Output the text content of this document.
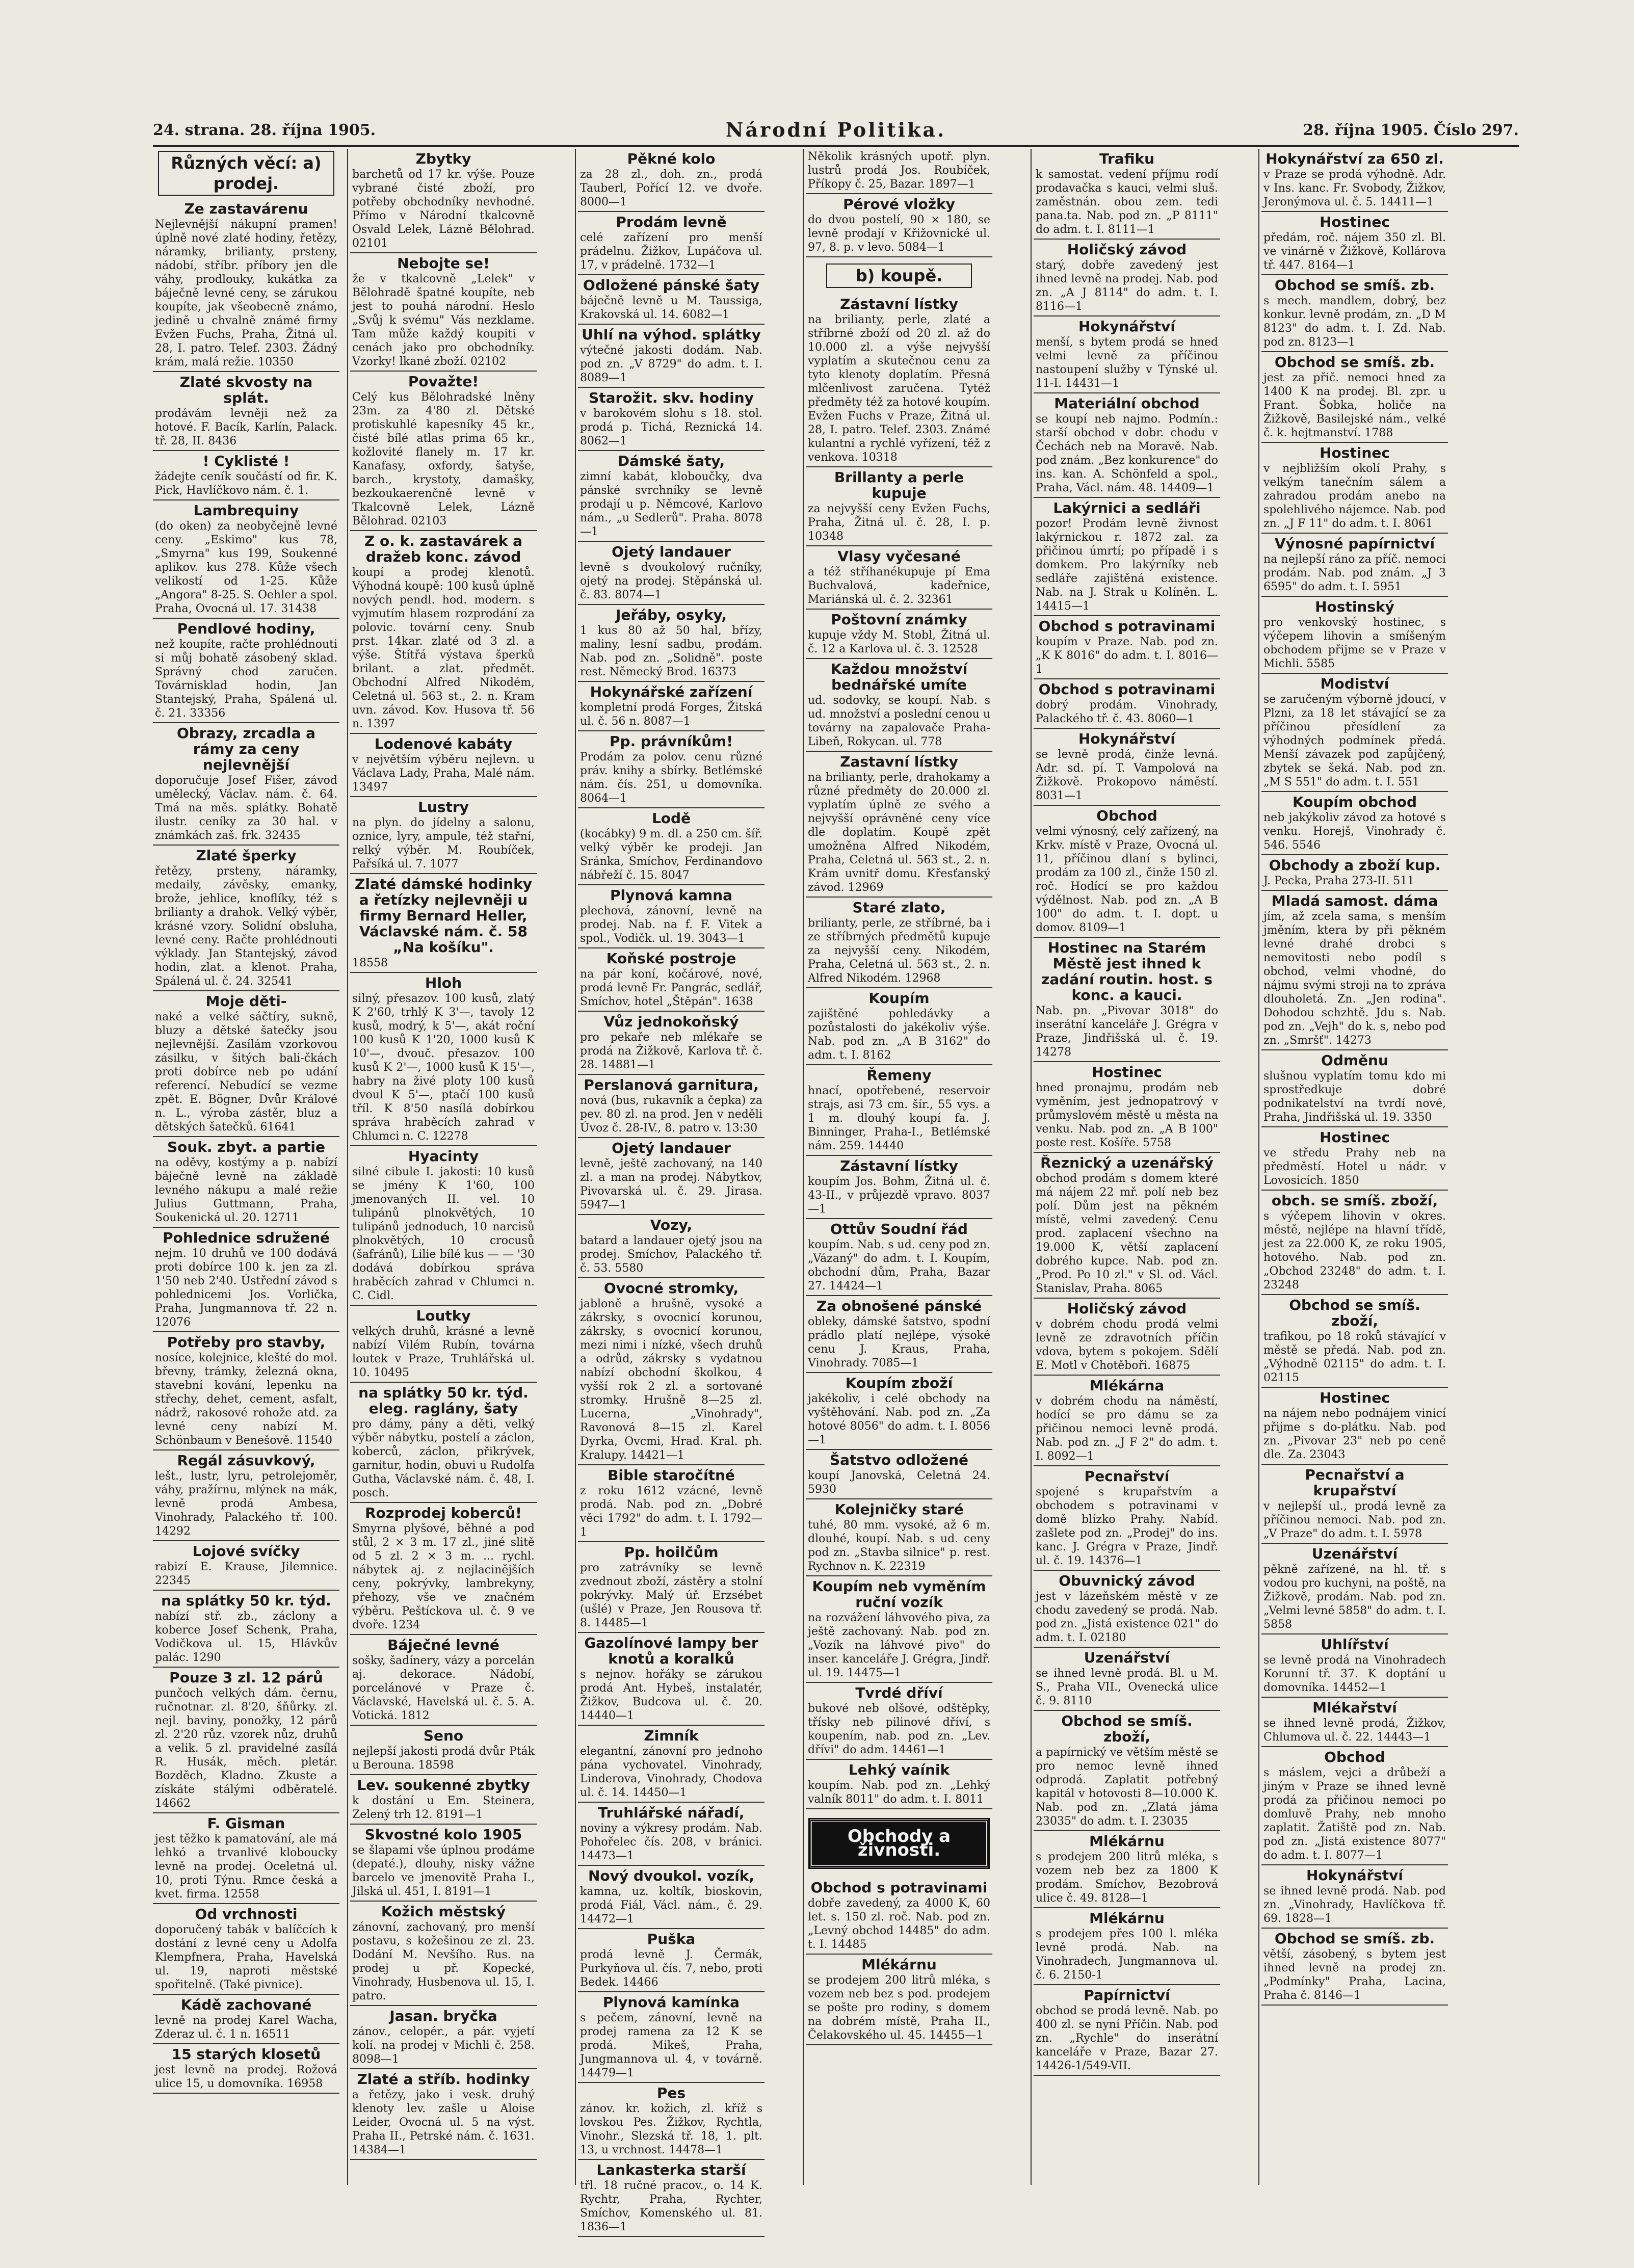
24. strana. 28. října 1905.	Národní Politika.	28. října 1905. Číslo 297.
Různých věcí: a) prodej.
Ze zastavárenu

Nejlevnější nákupní pramen! úplně nové zlaté hodiny, řetězy, náramky, brilianty, prsteny, nádobí, stříbr. příbory jen dle váhy, prodlouky, kukátka za báječně levné ceny, se zárukou koupíte, jak všeobecně známo, jedině u chvalně známé firmy Evžen Fuchs, Praha, Žitná ul. 28, I. patro. Telef. 2303. Žádný krám, malá režie. 10350

Zlaté skvosty na splát.

prodávám levněji než za hotové. F. Bacík, Karlín, Palack. tř. 28, II. 8436

! Cyklisté !

žádejte ceník součástí od fir. K. Pick, Havlíčkovo nám. č. 1.

Lambrequiny

(do oken) za neobyčejně levné ceny. „Eskimo" kus 78, „Smyrna" kus 199, Soukenné aplikov. kus 278. Kůže všech velikostí od 1-25. Kůže „Angora" 8-25. S. Oehler a spol. Praha, Ovocná ul. 17. 31438

Pendlové hodiny,

než koupíte, račte prohlédnouti si můj bohatě zásobený sklad. Správný chod zaručen. Továrnisklad hodin, Jan Stantejský, Praha, Spálená ul. č. 21. 33356

Obrazy, zrcadla a rámy za ceny nejlevnější

doporučuje Josef Fišer, závod umělecký, Václav. nám. č. 64. Tmá na měs. splátky. Bohatě ilustr. ceníky za 30 hal. v známkách zaš. frk. 32435

Zlaté šperky

řetězy, prsteny, náramky, medaily, závěsky, emanky, brože, jehlice, knoflíky, též s brilianty a drahok. Velký výběr, krásné vzory. Solidní obsluha, levné ceny. Račte prohlédnouti výklady. Jan Stantejský, závod hodin, zlat. a klenot. Praha, Spálená ul. č. 24. 32541

Moje děti-

naké a velké sáčtíry, sukně, bluzy a dětské šatečky jsou nejlevnější. Zasílám vzorkovou zásilku, v šitých bali-čkách proti dobírce neb po udání referencí. Nebudící se vezme zpět. E. Bögner, Dvůr Králové n. L., výroba zástěr, bluz a dětských šatečků. 61641

Souk. zbyt. a partie

na oděvy, kostýmy a p. nabízí báječně levně na základě levného nákupu a malé režie Julius Guttmann, Praha, Soukenická ul. 20. 12711

Pohlednice sdružené

nejm. 10 druhů ve 100 dodává proti dobírce 100 k. jen za zl. 1'50 neb 2'40. Ústřední závod s pohlednicemi Jos. Vorlička, Praha, Jungmannova tř. 22 n. 12076

Potřeby pro stavby,

nosíce, kolejnice, klešté do mol. břevny, trámky, železná okna, stavební kování, lepenku na střechy, dehet, cement, asfalt, nádrž, rakosové rohože atd. za levné ceny nabízí M. Schönbaum v Benešově. 11540

Regál zásuvkový,

lešt., lustr, lyru, petrolejoměr, váhy, pražírnu, mlýnek na mák, levně prodá Ambesa, Vinohrady, Palackého tř. 100. 14292

Lojové svíčky

rabizí E. Krause, Jilemnice. 22345

na splátky 50 kr. týd.

nabízí stř. zb., záclony a koberce Josef Schenk, Praha, Vodičkova ul. 15, Hlávkův palác. 1290

Pouze 3 zl. 12 párů

punčoch velkých dám. černu, ručnotnar. zl. 8'20, šňůrky. zl. nejl. baviny, ponožky, 12 párů zl. 2'20 růz. vzorek nůz, druhů a velik. 5 zl. pravidelné zasílá R. Husák, měch. pletár. Bozděch, Kladno. Zkuste a získáte stálými odběratelé. 14662

F. Gisman

jest těžko k pamatování, ale má lehkó a trvanlivé kloboucky levně na prodej. Oceletná ul. 10, proti Týnu. Rmce česká a kvet. firma. 12558

Od vrchnosti

doporučený tabák v balíčcích k dostání z levné ceny u Adolfa Klempfnera, Praha, Havelská ul. 19, naproti městské spořitelně. (Také pivnice).

Kádě zachované

levně na prodej Karel Wacha, Zderaz ul. č. 1 n. 16511

15 starých klosetů

jest levně na prodej. Rožová ulice 15, u domovníka. 16958

Zbytky

barchetů od 17 kr. výše. Pouze vybrané čisté zboží, pro potřeby obchodníky nevhodné. Přímo v Národní tkalcovně Osvald Lelek, Lázně Bělohrad. 02101

Nebojte se!

že v tkalcovně „Lelek" v Bělohradě špatné koupíte, neb jest to pouhá národní. Heslo „Svůj k svému" Vás nezklame. Tam může každý koupiti v cenách jako pro obchodníky. Vzorky! lkané zboží. 02102

Považte!

Celý kus Bělohradské lněny 23m. za 4'80 zl. Dětské protiskuhlé kapesníky 45 kr., čisté bílé atlas prima 65 kr., kožlovité flanely m. 17 kr. Kanafasy, oxfordy, šatyše, barch., krystoty, damašky, bezkoukaerenčně levně v Tkalcovně Lelek, Lázně Bělohrad. 02103

Z o. k. zastavárek a dražeb konc. závod

koupí a prodej klenotů. Výhodná koupě: 100 kusů úplně nových pendl. hod. modern. s vyjmutím hlasem rozprodání za polovic. tovární ceny. Snub prst. 14kar. zlaté od 3 zl. a výše. Štítřá výstava šperků brilant. a zlat. předmět. Obchodní Alfred Nikodém, Celetná ul. 563 st., 2. n. Kram uvn. závod. Kov. Husova tř. 56 n. 1397

Lodenové kabáty

v největším výběru nejlevn. u Václava Lady, Praha, Malé nám. 13497

Lustry

na plyn. do jídelny a salonu, oznice, lyry, ampule, též stařní, relký výběr. M. Roubíček, Pařsíká ul. 7. 1077

Zlaté dámské hodinky a řetízky nejlevněji u firmy Bernard Heller, Václavské nám. č. 58 „Na košíku".

18558

Hloh

silný, přesazov. 100 kusů, zlatý K 2'60, trhlý K 3'—, tavoly 12 kusů, modrý, k 5'—, akát roční 100 kusů K 1'20, 1000 kusů K 10'—, dvouč. přesazov. 100 kusů K 2'—, 1000 kusů K 15'—, habry na živé ploty 100 kusů dvoul K 5'—, ptačí 100 kusů tříl. K 8'50 nasílá dobírkou správa hraběcích zahrad v Chlumci n. C. 12278

Hyacinty

silné cibule I. jakosti: 10 kusů se jmény K 1'60, 100 jmenovaných II. vel. 10 tulipánů plnokvětých, 10 tulipánů jednoduch, 10 narcisů plnokvětých, 10 crocusů (šafránů), Lilie bílé kus — — '30 dodává dobírkou správa hraběcích zahrad v Chlumci n. C. Cidl.

Loutky

velkých druhů, krásné a levně nabízí Vilém Rubín, továrna loutek v Praze, Truhlářská ul. 10. 10495

na splátky 50 kr. týd. eleg. raglány, šaty

pro dámy, pány a děti, velký výběr nábytku, postelí a záclon, koberců, záclon, přikrývek, garnitur, hodin, obuvi u Rudolfa Gutha, Václavské nám. č. 48, I. posch.

Rozprodej koberců!

Smyrna plyšové, běhné a pod stůl, 2 × 3 m. 17 zl., jiné slitě od 5 zl. 2 × 3 m. ... rychl. nábytek aj. z nejlacinějších ceny, pokrývky, lambrekyny, přehozy, vše ve značném výběru. Peštíckova ul. č. 9 ve dvoře. 1234

Báječné levné

sošky, šadínery, vázy a porcelán aj. dekorace. Nádobí, porcelánové v Praze č. Václavské, Havelská ul. č. 5. A. Votická. 1812

Seno

nejlepší jakosti prodá dvůr Pták u Berouna. 18598

Lev. soukenné zbytky

k dostání u Em. Steinera, Zelený trh 12. 8191—1

Skvostné kolo 1905

se šlapami vše úplnou prodáme (depaté.), dlouhy, nisky vážne barcelo ve jmenovitě Praha I., Jilská ul. 451, I. 8191—1

Kožich městský

zánovní, zachovaný, pro menší postavu, s kožešinou ze zl. 23. Dodání M. Nevšího. Rus. na prodej u př. Kopecké, Vinohrady, Husbenova ul. 15, I. patro.

Jasan. bryčka

zánov., celopér., a pár. vyjetí kolí. na prodej v Michli č. 258. 8098—1

Zlaté a stříb. hodinky

a řetězy, jako i vesk. druhý klenoty lev. zašle u Aloise Leider, Ovocná ul. 5 na výst. Praha II., Petrské nám. č. 1631. 14384—1

Pěkné kolo

za 28 zl., doh. zn., prodá Tauberl, Pořící 12. ve dvoře. 8000—1

Prodám levně

celé zařízení pro menší prádelnu. Žižkov, Lupáčova ul. 17, v prádelně. 1732—1

Odložené pánské šaty

báječně levně u M. Taussiga, Krakovská ul. 14. 6082—1

Uhlí na výhod. splátky

výtečné jakosti dodám. Nab. pod zn. „V 8729" do adm. t. I. 8089—1

Starožit. skv. hodiny

v barokovém slohu s 18. stol. prodá p. Tichá, Reznická 14. 8062—1

Dámské šaty,

zimní kabát, kloboučky, dva pánské svrchníky se levně prodají u p. Němcové, Karlovo nám., „u Sedlerů". Praha. 8078—1

Ojetý landauer

levně s dvoukolový ručníky, ojetý na prodej. Stěpánská ul. č. 83. 8074—1

Jeřáby, osyky,

1 kus 80 až 50 hal, břízy, maliny, lesní sadbu, prodám. Nab. pod zn. „Solidně". poste rest. Německý Brod. 16373

Hokynářské zařízení

kompletní prodá Forges, Žitská ul. č. 56 n. 8087—1

Pp. právníkům!

Prodám za polov. cenu různé práv. knihy a sbírky. Betlémské nám. čís. 251, u domovníka. 8064—1

Lodě

(kocábky) 9 m. dl. a 250 cm. šíř. velký výběr ke prodeji. Jan Sránka, Smíchov, Ferdinandovo nábřeží č. 15. 8047

Plynová kamna

plechová, zánovní, levně na prodej. Nab. na f. F. Vitek a spol., Vodičk. ul. 19. 3043—1

Koňské postroje

na pár koní, kočárové, nové, prodá levně Fr. Pangrác, sedlář, Smíchov, hotel „Štěpán". 1638

Vůz jednokoňský

pro pekaře neb mlékaře se prodá na Žižkově, Karlova tř. č. 28. 14881—1

Perslanová garnitura,

nová (bus, rukavník a čepka) za pev. 80 zl. na prod. Jen v neděli Úvoz č. 28-IV., 8. patro v. 13:30

Ojetý landauer

levně, ještě zachovaný, na 140 zl. a man na prodej. Nábytkov, Pivovarská ul. č. 29. Jirasa. 5947—1

Vozy,

batard a landauer ojetý jsou na prodej. Smíchov, Palackého tř. č. 53. 5580

Ovocné stromky,

jabloně a hrušně, vysoké a zákrsky, s ovocnicí korunou, zákrsky, s ovocnicí korunou, mezi nimi i nízké, všech druhů a odrůd, zákrsky s vydatnou nabízí obchodní školkou, 4 vyšší rok 2 zl. a sortované stromky. Hrušně 8—25 zl. Lucerna, „Vinohrady", Ravonová 8—15 zl. Karel Dyrka, Ovcmi, Hrad. Kral. ph. Kralupy. 14421—1

Bible staročítné

z roku 1612 vzácné, levně prodá. Nab. pod zn. „Dobré věci 1792" do adm. t. I. 1792—1

Pp. hoilčům

pro zatrávníky se levně zvednout zboží, zástěry a stolní pokrývky. Malý úř. Erzsébet (ušlé) v Praze, Jen Rousova tř. 8. 14485—1

Gazolínové lampy ber knotů a koralků

s nejnov. hořáky se zárukou prodá Ant. Hybeš, instalatér, Žižkov, Budcova ul. č. 20. 14440—1

Zimník

elegantní, zánovní pro jednoho pána vychovatel. Vinohrady, Linderova, Vinohrady, Chodova ul. č. 14. 14450—1

Truhlářské nářadí,

noviny a výkresy prodám. Nab. Pohořelec čís. 208, v bránici. 14473—1

Nový dvoukol. vozík,

kamna, uz. koltík, bioskovin, prodá Fiál, Václ. nám., č. 29. 14472—1

Puška

prodá levně J. Čermák, Purkyňova ul. čís. 7, nebo, proti Bedek. 14466

Plynová kamínka

s pečem, zánovní, levně na prodej ramena za 12 K se prodá. Mikeš, Praha, Jungmannova ul. 4, v továrně. 14479—1

Pes

zánov. kr. kožich, zl. kříž s lovskou Pes. Žižkov, Rychtla, Vinohr., Slezská tř. 18, 1. plt. 13, u vrchnost. 14478—1

Lankasterka starší

třl. 18 ručné pracov., o. 14 K. Rychtr, Praha, Rychter, Smíchov, Komenského ul. 81. 1836—1

Několik krásných upotř. plyn. lustrů prodá Jos. Roubíček, Příkopy č. 25, Bazar. 1897—1

Pérové vložky

do dvou postelí, 90 × 180, se levně prodají v Křižovnické ul. 97, 8. p. v levo. 5084—1

b) koupě.
Zástavní lístky

na brilianty, perle, zlaté a stříbrné zboží od 20 zl. až do 10.000 zl. a výše nejvyšší vyplatím a skutečnou cenu za tyto klenoty doplatím. Přesná mlčenlivost zaručena. Tytéž předměty též za hotové koupím. Evžen Fuchs v Praze, Žitná ul. 28, I. patro. Telef. 2303. Známé kulantní a rychlé vyřízení, též z venkova. 10318

Brillanty a perle kupuje

za nejvyšší ceny Evžen Fuchs, Praha, Žitná ul. č. 28, I. p. 10348

Vlasy vyčesané

a též stříhanékupuje pí Ema Buchvalová, kadeřnice, Mariánská ul. č. 2. 32361

Poštovní známky

kupuje vždy M. Stobl, Žitná ul. č. 12 a Karlova ul. č. 3. 12528

Každou množství bednářské umíte

ud. sodovky, se koupí. Nab. s ud. množství a poslední cenou u továrny na zapalovače Praha-Libeň, Rokycan. ul. 778

Zastavní lístky

na brilianty, perle, drahokamy a různé předměty do 20.000 zl. vyplatím úplně ze svého a nejvyšší oprávněné ceny více dle doplatím. Koupě zpět umožněna Alfred Nikodém, Praha, Celetná ul. 563 st., 2. n. Krám uvnitř domu. Křesťanský závod. 12969

Staré zlato,

brilianty, perle, ze stříbrné, ba i ze stříbrných předmětů kupuje za nejvyšší ceny. Nikodém, Praha, Celetná ul. 563 st., 2. n. Alfred Nikodém. 12968

Koupím

zajištěné pohledávky a pozůstalosti do jakékoliv výše. Nab. pod zn. „A B 3162" do adm. t. I. 8162

Řemeny

hnací, opotřebené, reservoir strajs, asi 73 cm. šír., 55 vys. a 1 m. dlouhý koupí fa. J. Binninger, Praha-I., Betlémské nám. 259. 14440

Zástavní lístky

koupím Jos. Bohm, Žitná ul. č. 43-II., v průjezdě vpravo. 8037—1

Ottův Soudní řád

koupím. Nab. s ud. ceny pod zn. „Vázaný" do adm. t. I. Koupím, obchodní dům, Praha, Bazar 27. 14424—1

Za obnošené pánské

obleky, dámské šatstvo, spodní prádlo platí nejlépe, výsoké cenu J. Kraus, Praha, Vinohrady. 7085—1

Koupím zboží

jakékoliv, i celé obchody na vyštěhování. Nab. pod zn. „Za hotové 8056" do adm. t. I. 8056—1

Šatstvo odložené

koupí Janovská, Celetná 24. 5930

Kolejničky staré

tuhé, 80 mm. vysoké, až 6 m. dlouhé, koupí. Nab. s ud. ceny pod zn. „Stavba silnice" p. rest. Rychnov n. K. 22319

Koupím neb vyměním ruční vozík

na rozvážení láhvového piva, za ještě zachovaný. Nab. pod zn. „Vozík na láhvové pivo" do inser. kanceláře J. Grégra, Jindř. ul. 19. 14475—1

Tvrdé dříví

bukové neb olšové, odštěpky, třísky neb pilinové dříví, s koupením, nab. pod zn. „Lev. dřívi" do adm. 14461—1

Lehký vaínik

koupím. Nab. pod zn. „Lehký valník 8011" do adm. t. I. 8011

Obchody a živnosti.
Obchod s potravinami

dobře zavedený, za 4000 K, 60 let. s. 150 zl. roč. Nab. pod zn. „Levný obchod 14485" do adm. t. I. 14485

Mlékárnu

se prodejem 200 litrů mléka, s vozem neb bez s pod. prodejem se pošte pro rodiny, s domem na dobrém místě, Praha II., Čelakovského ul. 45. 14455—1

Trafiku

k samostat. vedení příjmu rodí prodavačka s kauci, velmi sluš. zaměstnán. obou zem. tedi pana.ta. Nab. pod zn. „P 8111" do adm. t. I. 8111—1

Holičský závod

starý, dobře zavedený jest ihned levně na prodej. Nab. pod zn. „A J 8114" do adm. t. I. 8116—1

Hokynářství

menší, s bytem prodá se hned velmi levně za příčinou nastoupení služby v Týnské ul. 11-I. 14431—1

Materiální obchod

se koupí neb najmo. Podmín.: starší obchod v dobr. chodu v Čechách neb na Moravě. Nab. pod znám. „Bez konkurence" do ins. kan. A. Schönfeld a spol., Praha, Václ. nám. 48. 14409—1

Lakýrnici a sedláři

pozor! Prodám levně živnost lakýrnickou r. 1872 zal. za přičinou úmrtí; po případě i s domkem. Pro lakýrníky neb sedláře zajištěná existence. Nab. na J. Strak u Kolíněn. L. 14415—1

Obchod s potravinami

koupím v Praze. Nab. pod zn. „K K 8016" do adm. t. I. 8016—1

Obchod s potravinami

dobrý prodám. Vinohrady, Palackého tř. č. 43. 8060—1

Hokynářství

se levně prodá, činže levná. Adr. sd. pí. T. Vampolová na Žižkově. Prokopovo náměstí. 8031—1

Obchod

velmi výnosný, celý zařízený, na Krkv. místě v Praze, Ovocná ul. 11, příčinou dlaní s bylinci, prodám za 100 zl., činže 150 zl. roč. Hodící se pro každou výdělnost. Nab. pod zn. „A B 100" do adm. t. I. dopt. u domov. 8109—1

Hostinec na Starém Městě jest ihned k zadání routin. host. s konc. a kauci.

Nab. pn. „Pivovar 3018" do inserátní kanceláře J. Grégra v Praze, Jindřišská ul. č. 19. 14278

Hostinec

hned pronajmu, prodám neb vyměním, jest jednopatrový v průmyslovém městě u města na venku. Nab. pod zn. „A B 100" poste rest. Košíře. 5758

Řeznický a uzenářský

obchod prodám s domem které má nájem 22 mř. polí neb bez polí. Dům jest na pěkném místě, velmi zavedený. Cenu prod. zaplacení všechno na 19.000 K, větší zaplacení dobrého kupce. Nab. pod zn. „Prod. Po 10 zl." v Sl. od. Václ. Stanislav, Praha. 8065

Holičský závod

v dobrém chodu prodá velmi levně ze zdravotních příčin vdova, bytem s pokojem. Sdělí E. Motl v Chotěboři. 16875

Mlékárna

v dobrém chodu na náměstí, hodící se pro dámu se za přičinou nemoci levně prodá. Nab. pod zn. „J F 2" do adm. t. I. 8092—1

Pecnařství

spojené s krupařstvím a obchodem s potravinami v domě blízko Prahy. Nabíd. zašlete pod zn. „Prodej" do ins. kanc. J. Grégra v Praze, Jindř. ul. č. 19. 14376—1

Obuvnický závod

jest v lázeňském městě v ze chodu zavedený se prodá. Nab. pod zn. „Jistá existence 021" do adm. t. I. 02180

Uzenářství

se ihned levně prodá. Bl. u M. S., Praha VII., Ovenecká ulice č. 9. 8110

Obchod se smíš. zboží,

a papírnický ve větším městě se pro nemoc levně ihned odprodá. Zaplatit potřebný kapitál v hotovosti 8—10.000 K. Nab. pod zn. „Zlatá jáma 23035" do adm. t. I. 23035

Mlékárnu

s prodejem 200 litrů mléka, s vozem neb bez za 1800 K prodám. Smíchov, Bezobrová ulice č. 49. 8128—1

Mlékárnu

s prodejem přes 100 l. mléka levně prodá. Nab. na Vinohradech, Jungmannova ul. č. 6. 2150-1

Papírnictví

obchod se prodá levně. Nab. po 400 zl. se nyní Příčin. Nab. pod zn. „Rychle" do inserátní kanceláře v Praze, Bazar 27. 14426-1/549-VII.

Hokynářství za 650 zl.

v Praze se prodá výhodně. Adr. v Ins. kanc. Fr. Svobody, Žižkov, Jeronýmova ul. č. 5. 14411—1

Hostinec

předám, roč. nájem 350 zl. Bl. ve vinárně v Žižkově, Kollárova tř. 447. 8164—1

Obchod se smíš. zb.

s mech. mandlem, dobrý, bez konkur. levně prodám, zn. „D M 8123" do adm. t. I. Zd. Nab. pod zn. 8123—1

Obchod se smíš. zb.

jest za přič. nemoci hned za 1400 K na prodej. Bl. zpr. u Frant. Šobka, holiče na Žižkově, Basilejské nám., velké č. k. hejtmanství. 1788

Hostinec

v nejbližším okolí Prahy, s velkým tanečním sálem a zahradou prodám anebo na spolehlivého nájemce. Nab. pod zn. „J F 11" do adm. t. I. 8061

Výnosné papírnictví

na nejlepší ráno za příč. nemoci prodám. Nab. pod znám. „J 3 6595" do adm. t. I. 5951

Hostinský

pro venkovský hostinec, s výčepem lihovin a smíšeným obchodem přijme se v Praze v Michli. 5585

Modiství

se zaručeným výborně jdoucí, v Plzni, za 18 let stávající se za příčinou přesídlení za výhodných podmínek předá. Menší závazek pod zapůjčený, zbytek se šeká. Nab. pod zn. „M S 551" do adm. t. I. 551

Koupím obchod

neb jakýkoliv závod za hotové s venku. Horejš, Vinohrady č. 546. 5546

Obchody a zboží kup.

J. Pecka, Praha 273-II. 511

Mladá samost. dáma

jím, až zcela sama, s menším jměním, ktera by při pěkném levné drahé drobci s nemovitosti nebo podíl s obchod, velmi vhodné, do nájmu svými stroji na to zpráva dlouholetá. Zn. „Jen rodina". Dohodou schzhtě. Jdu s. Nab. pod zn. „Vejh" do k. s, nebo pod zn. „Smršť". 14273

Odměnu

slušnou vyplatím tomu kdo mi sprostředkuje dobré podnikatelství na tvrdí nové, Praha, Jindřišská ul. 19. 3350

Hostinec

ve středu Prahy neb na předměstí. Hotel u nádr. v Lovosicích. 1850

obch. se smíš. zboží,

s výčepem lihovin v okres. městě, nejlépe na hlavní třídě, jest za 22.000 K, ze roku 1905, hotového. Nab. pod zn. „Obchod 23248" do adm. t. I. 23248

Obchod se smíš. zboží,

trafikou, po 18 roků stávající v městě se předá. Nab. pod zn. „Výhodně 02115" do adm. t. I. 02115

Hostinec

na nájem nebo podnájem vinicí přijme s do-plátku. Nab. pod zn. „Pivovar 23" neb po ceně dle. Za. 23043

Pecnařství a krupařství

v nejlepší ul., prodá levně za příčinou nemoci. Nab. pod zn. „V Praze" do adm. t. I. 5978

Uzenářství

pěkně zařízené, na hl. tř. s vodou pro kuchyni, na poště, na Žižkově, prodám. Nab. pod zn. „Velmi levné 5858" do adm. t. I. 5858

Uhlířství

se levně prodá na Vinohradech Korunní tř. 37. K doptání u domovníka. 14452—1

Mlékařství

se ihned levně prodá, Žižkov, Chlumova ul. č. 22. 14443—1

Obchod

s máslem, vejci a drůbeží a jiným v Praze se ihned levně prodá za přičinou nemoci po domluvě Prahy, neb mnoho zaplatit. Žatiště pod zn. Nab. pod zn. „Jistá existence 8077" do adm. t. I. 8077—1

Hokynářství

se ihned levně prodá. Nab. pod zn. „Vinohrady, Havlíčkova tř. 69. 1828—1

Obchod se smíš. zb.

větší, zásobený, s bytem jest ihned levně na prodej zn. „Podmínky" Praha, Lacina, Praha č. 8146—1
